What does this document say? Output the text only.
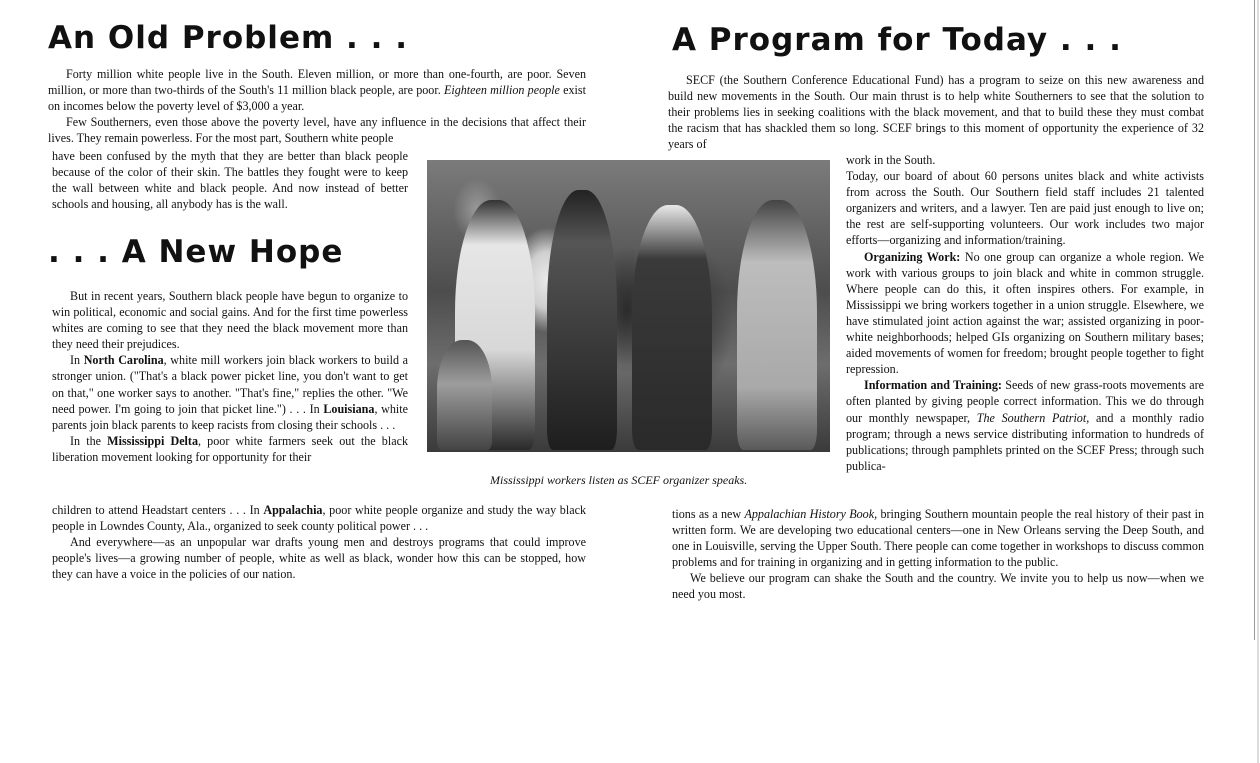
An Old Problem . . .

Forty million white people live in the South. Eleven million, or more than one-fourth, are poor. Seven million, or more than two-thirds of the South's 11 million black people, are poor. Eighteen million people exist on incomes below the poverty level of $3,000 a year.

Few Southerners, even those above the poverty level, have any influence in the decisions that affect their lives. They remain powerless. For the most part, Southern white people

have been confused by the myth that they are better than black people because of the color of their skin. The battles they fought were to keep the wall between white and black people. And now instead of better schools and housing, all anybody has is the wall.

. . . A New Hope

But in recent years, Southern black people have begun to organize to win political, economic and social gains. And for the first time powerless whites are coming to see that they need the black movement more than they need their prejudices.

In North Carolina, white mill workers join black workers to build a stronger union. ("That's a black power picket line, you don't want to get on that," one worker says to another. "That's fine," replies the other. "We need power. I'm going to join that picket line.") . . . In Louisiana, white parents join black parents to keep racists from closing their schools . . .

In the Mississippi Delta, poor white farmers seek out the black liberation movement looking for opportunity for their

children to attend Headstart centers . . . In Appalachia, poor white people organize and study the way black people in Lowndes County, Ala., organized to seek county political power . . .

And everywhere—as an unpopular war drafts young men and destroys programs that could improve people's lives—a growing number of people, white as well as black, wonder how this can be stopped, how they can have a voice in the policies of our nation.

Mississippi workers listen as SCEF organizer speaks.
A Program for Today . . .

SECF (the Southern Conference Educational Fund) has a program to seize on this new awareness and build new movements in the South. Our main thrust is to help white Southerners to see that the solution to their problems lies in seeking coalitions with the black movement, and that to build these they must combat the racism that has shackled them so long. SCEF brings to this moment of opportunity the experience of 32 years of

work in the South.

Today, our board of about 60 persons unites black and white activists from across the South. Our Southern field staff includes 21 talented organizers and writers, and a lawyer. Ten are paid just enough to live on; the rest are self-supporting volunteers. Our work includes two major efforts—organizing and information/training.

Organizing Work: No one group can organize a whole region. We work with various groups to join black and white in common struggle. Where people can do this, it often inspires others. For example, in Mississippi we bring workers together in a union struggle. Elsewhere, we have stimulated joint action against the war; assisted organizing in poor-white neighborhoods; helped GIs organizing on Southern military bases; aided movements of women for freedom; brought people together to fight repression.

Information and Training: Seeds of new grass-roots movements are often planted by giving people correct information. This we do through our monthly newspaper, The Southern Patriot, and a monthly radio program; through a news service distributing information to hundreds of publications; through pamphlets printed on the SCEF Press; through such publica-

tions as a new Appalachian History Book, bringing Southern mountain people the real history of their past in written form. We are developing two educational centers—one in New Orleans serving the Deep South, and one in Louisville, serving the Upper South. There people can come together in workshops to discuss common problems and for training in organizing and in getting information to the public.

We believe our program can shake the South and the country. We invite you to help us now—when we need you most.
